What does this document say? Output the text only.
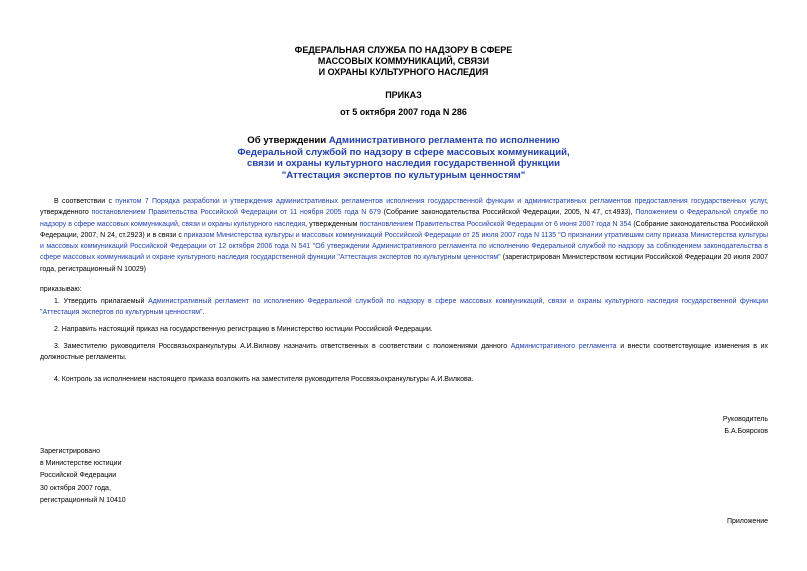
ФЕДЕРАЛЬНАЯ СЛУЖБА ПО НАДЗОРУ В СФЕРЕ
МАССОВЫХ КОММУНИКАЦИЙ, СВЯЗИ
И ОХРАНЫ КУЛЬТУРНОГО НАСЛЕДИЯ
ПРИКАЗ
от 5 октября 2007 года N 286
Об утверждении Административного регламента по исполнению
Федеральной службой по надзору в сфере массовых коммуникаций,
связи и охраны культурного наследия государственной функции
"Аттестация экспертов по культурным ценностям"
В соответствии с пунктом 7 Порядка разработки и утверждения административных регламентов исполнения государственной функции и административных регламентов предоставления государственных услуг, утвержденного постановлением Правительства Российской Федерации от 11 ноября 2005 года N 679 (Собрание законодательства Российской Федерации, 2005, N 47, ст.4933), Положением о Федеральной службе по надзору в сфере массовых коммуникаций, связи и охраны культурного наследия, утвержденным постановлением Правительства Российской Федерации от 6 июня 2007 года N 354 (Собрание законодательства Российской Федерации, 2007, N 24, ст.2923) и в связи с приказом Министерства культуры и массовых коммуникаций Российской Федерации от 25 июля 2007 года N 1135 "О признании утратившим силу приказа Министерства культуры и массовых коммуникаций Российской Федерации от 12 октября 2006 года N 541 "Об утверждении Административного регламента по исполнению Федеральной службой по надзору за соблюдением законодательства в сфере массовых коммуникаций и охране культурного наследия государственной функции "Аттестация экспертов по культурным ценностям" (зарегистрирован Министерством юстиции Российской Федерации 20 июля 2007 года, регистрационный N 10029)
приказываю:
1. Утвердить прилагаемый Административный регламент по исполнению Федеральной службой по надзору в сфере массовых коммуникаций, связи и охраны культурного наследия государственной функции "Аттестация экспертов по культурным ценностям".
2. Направить настоящий приказ на государственную регистрацию в Министерство юстиции Российской Федерации.
3. Заместителю руководителя Россвязьохранкультуры А.И.Вилкову назначить ответственных в соответствии с положениями данного Административного регламента и внести соответствующие изменения в их должностные регламенты.
4. Контроль за исполнением настоящего приказа возложить на заместителя руководителя Россвязьохранкультуры А.И.Вилкова.
Руководитель
Б.А.Боярсков
Зарегистрировано
в Министерстве юстиции
Российской Федерации
30 октября 2007 года,
регистрационный N 10410
Приложение
